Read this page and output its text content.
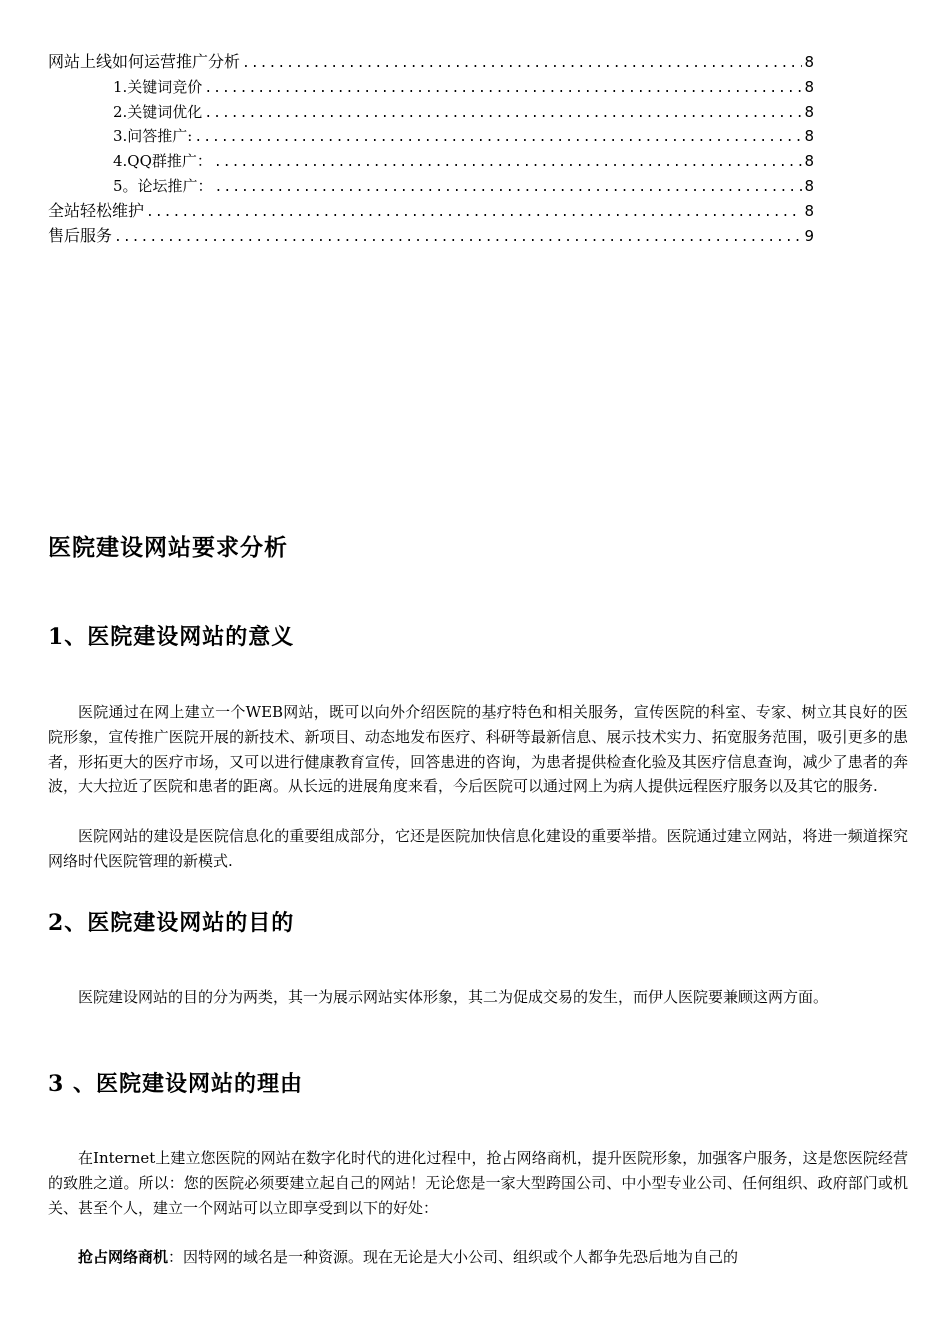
网站上线如何运营推广分析 .....	8
1.关键词竞价 .....	8
2.关键词优化 .....	8
3.问答推广: .....	8
4.QQ群推广： .....	8
5。论坛推广： .....	8
全站轻松维护 .....	8
售后服务 .....	9
医院建设网站要求分析
1、医院建设网站的意义

医院通过在网上建立一个WEB网站，既可以向外介绍医院的基疗特色和相关服务，宣传医院的科室、专家、树立其良好的医院形象，宣传推广医院开展的新技术、新项目、动态地发布医疗、科研等最新信息、展示技术实力、拓宽服务范围，吸引更多的患者，形拓更大的医疗市场，又可以进行健康教育宣传，回答患进的咨询，为患者提供检查化验及其医疗信息查询，减少了患者的奔波，大大拉近了医院和患者的距离。从长远的进展角度来看，今后医院可以通过网上为病人提供远程医疗服务以及其它的服务.

医院网站的建设是医院信息化的重要组成部分，它还是医院加快信息化建设的重要举措。医院通过建立网站，将进一频道探究网络时代医院管理的新模式.

2、医院建设网站的目的

医院建设网站的目的分为两类，其一为展示网站实体形象，其二为促成交易的发生，而伊人医院要兼顾这两方面。

3 、医院建设网站的理由

在Internet上建立您医院的网站在数字化时代的进化过程中，抢占网络商机，提升医院形象，加强客户服务，这是您医院经营的致胜之道。所以：您的医院必须要建立起自己的网站！无论您是一家大型跨国公司、中小型专业公司、任何组织、政府部门或机关、甚至个人，建立一个网站可以立即享受到以下的好处：

抢占网络商机：因特网的域名是一种资源。现在无论是大小公司、组织或个人都争先恐后地为自己的
